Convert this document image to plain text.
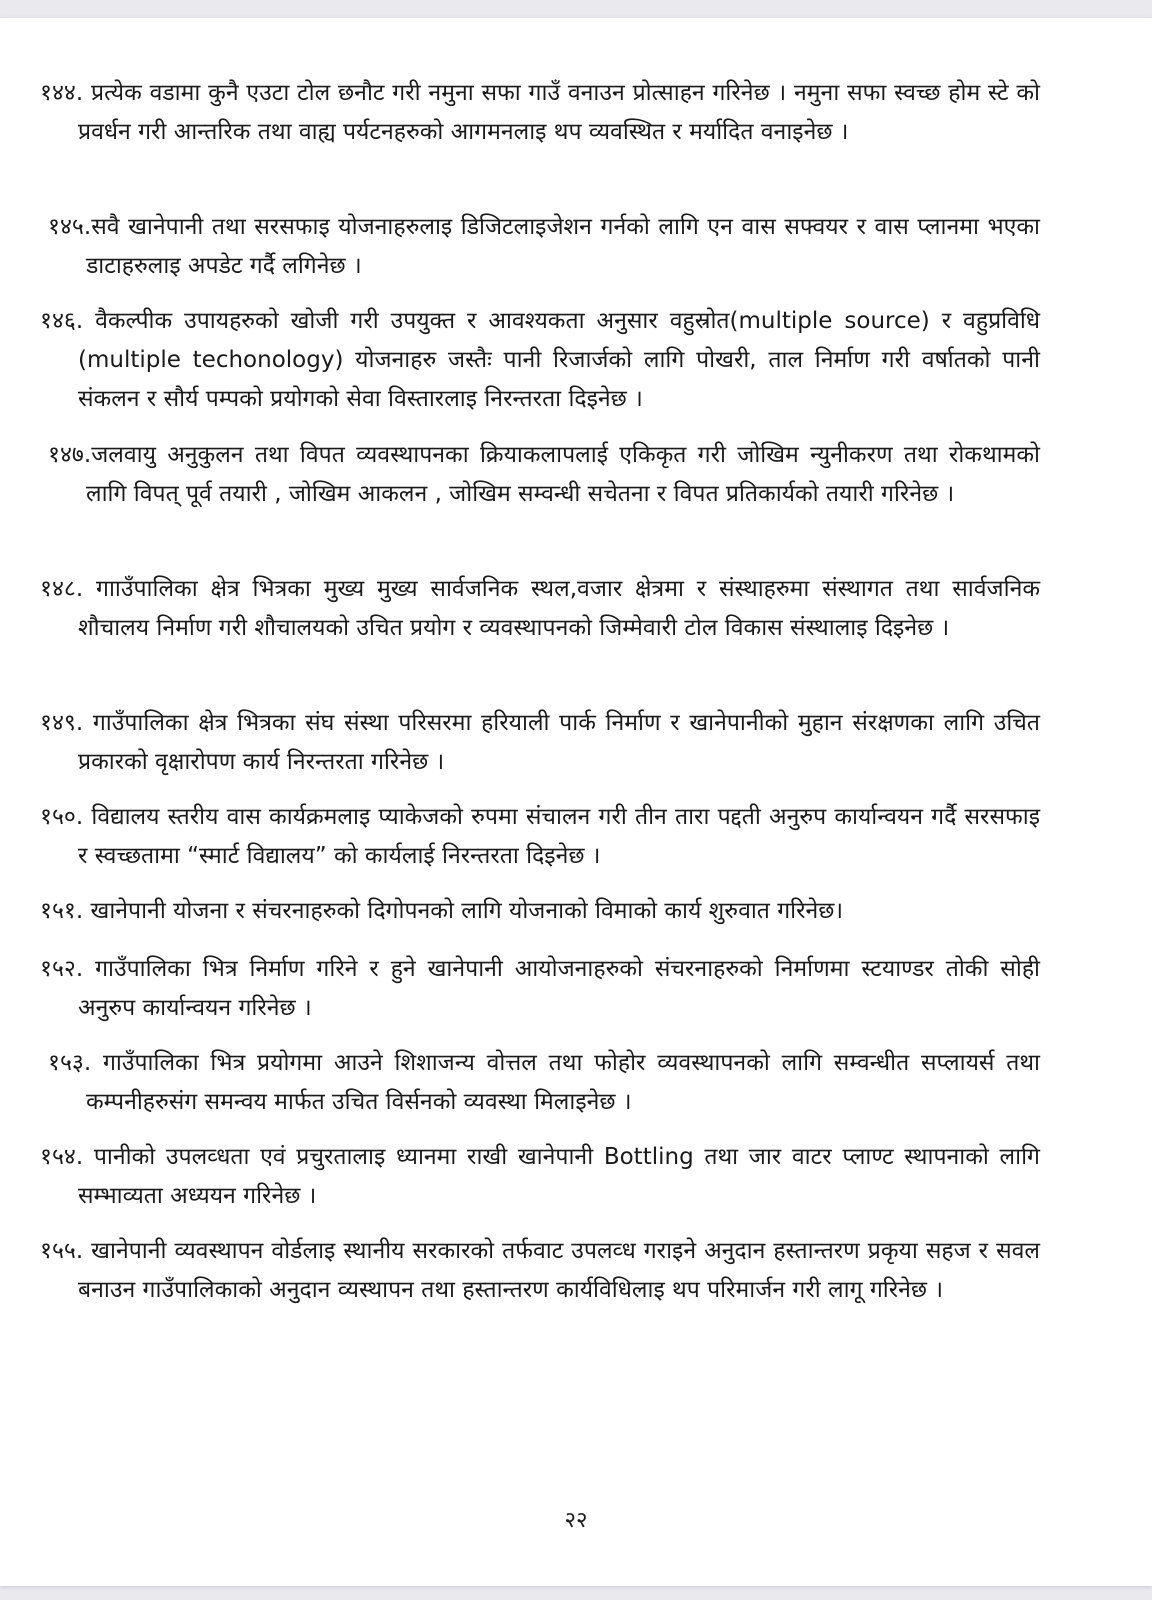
१४४. प्रत्येक वडामा कुनै एउटा टोल छनौट गरी नमुना सफा गाउँ वनाउन प्रोत्साहन गरिनेछ । नमुना सफा स्वच्छ होम स्टे को प्रवर्धन गरी आन्तरिक तथा वाह्य पर्यटनहरुको आगमनलाइ थप व्यवस्थित र मर्यादित वनाइनेछ ।

१४५.सवै खानेपानी तथा सरसफाइ योजनाहरुलाइ डिजिटलाइजेशन गर्नको लागि एन वास सफ्वयर र वास प्लानमा भएका डाटाहरुलाइ अपडेट गर्दै लगिनेछ ।

१४६. वैकल्पीक उपायहरुको खोजी गरी उपयुक्त र आवश्यकता अनुसार वहुस्रोत(multiple source) र वहुप्रविधि (multiple techonology) योजनाहरु जस्तैः पानी रिजार्जको लागि पोखरी, ताल निर्माण गरी वर्षातको पानी संकलन र सौर्य पम्पको प्रयोगको सेवा विस्तारलाइ निरन्तरता दिइनेछ ।

१४७.जलवायु अनुकुलन तथा विपत व्यवस्थापनका क्रियाकलापलाई एकिकृत गरी जोखिम न्युनीकरण तथा रोकथामको लागि विपत् पूर्व तयारी , जोखिम आकलन , जोखिम सम्वन्धी सचेतना र विपत प्रतिकार्यको तयारी गरिनेछ ।

१४८. गााउँपालिका क्षेत्र भित्रका मुख्य मुख्य सार्वजनिक स्थल,वजार क्षेत्रमा र संस्थाहरुमा संस्थागत तथा सार्वजनिक शौचालय निर्माण गरी शौचालयको उचित प्रयोग र व्यवस्थापनको जिम्मेवारी टोल विकास संस्थालाइ दिइनेछ ।

१४९. गाउँपालिका क्षेत्र भित्रका संघ संस्था परिसरमा हरियाली पार्क निर्माण र खानेपानीको मुहान संरक्षणका लागि उचित प्रकारको वृक्षारोपण कार्य निरन्तरता गरिनेछ ।

१५०. विद्यालय स्तरीय वास कार्यक्रमलाइ प्याकेजको रुपमा संचालन गरी तीन तारा पद्दती अनुरुप कार्यान्वयन गर्दै सरसफाइ र स्वच्छतामा “स्मार्ट विद्यालय” को कार्यलाई निरन्तरता दिइनेछ ।

१५१. खानेपानी योजना र संचरनाहरुको दिगोपनको लागि योजनाको विमाको कार्य शुरुवात गरिनेछ।

१५२. गाउँपालिका भित्र निर्माण गरिने र हुने खानेपानी आयोजनाहरुको संचरनाहरुको निर्माणमा स्टयाण्डर तोकी सोही अनुरुप कार्यान्वयन गरिनेछ ।

१५३. गाउँपालिका भित्र प्रयोगमा आउने शिशाजन्य वोत्तल तथा फोहोर व्यवस्थापनको लागि सम्वन्धीत सप्लायर्स तथा कम्पनीहरुसंग समन्वय मार्फत उचित विर्सनको व्यवस्था मिलाइनेछ ।

१५४. पानीको उपलव्धता एवं प्रचुरतालाइ ध्यानमा राखी खानेपानी Bottling तथा जार वाटर प्लाण्ट स्थापनाको लागि सम्भाव्यता अध्ययन गरिनेछ ।

१५५. खानेपानी व्यवस्थापन वोर्डलाइ स्थानीय सरकारको तर्फवाट उपलव्ध गराइने अनुदान हस्तान्तरण प्रकृया सहज र सवल बनाउन गाउँपालिकाको अनुदान व्यस्थापन तथा हस्तान्तरण कार्यविधिलाइ थप परिमार्जन गरी लागू गरिनेछ ।

२२
